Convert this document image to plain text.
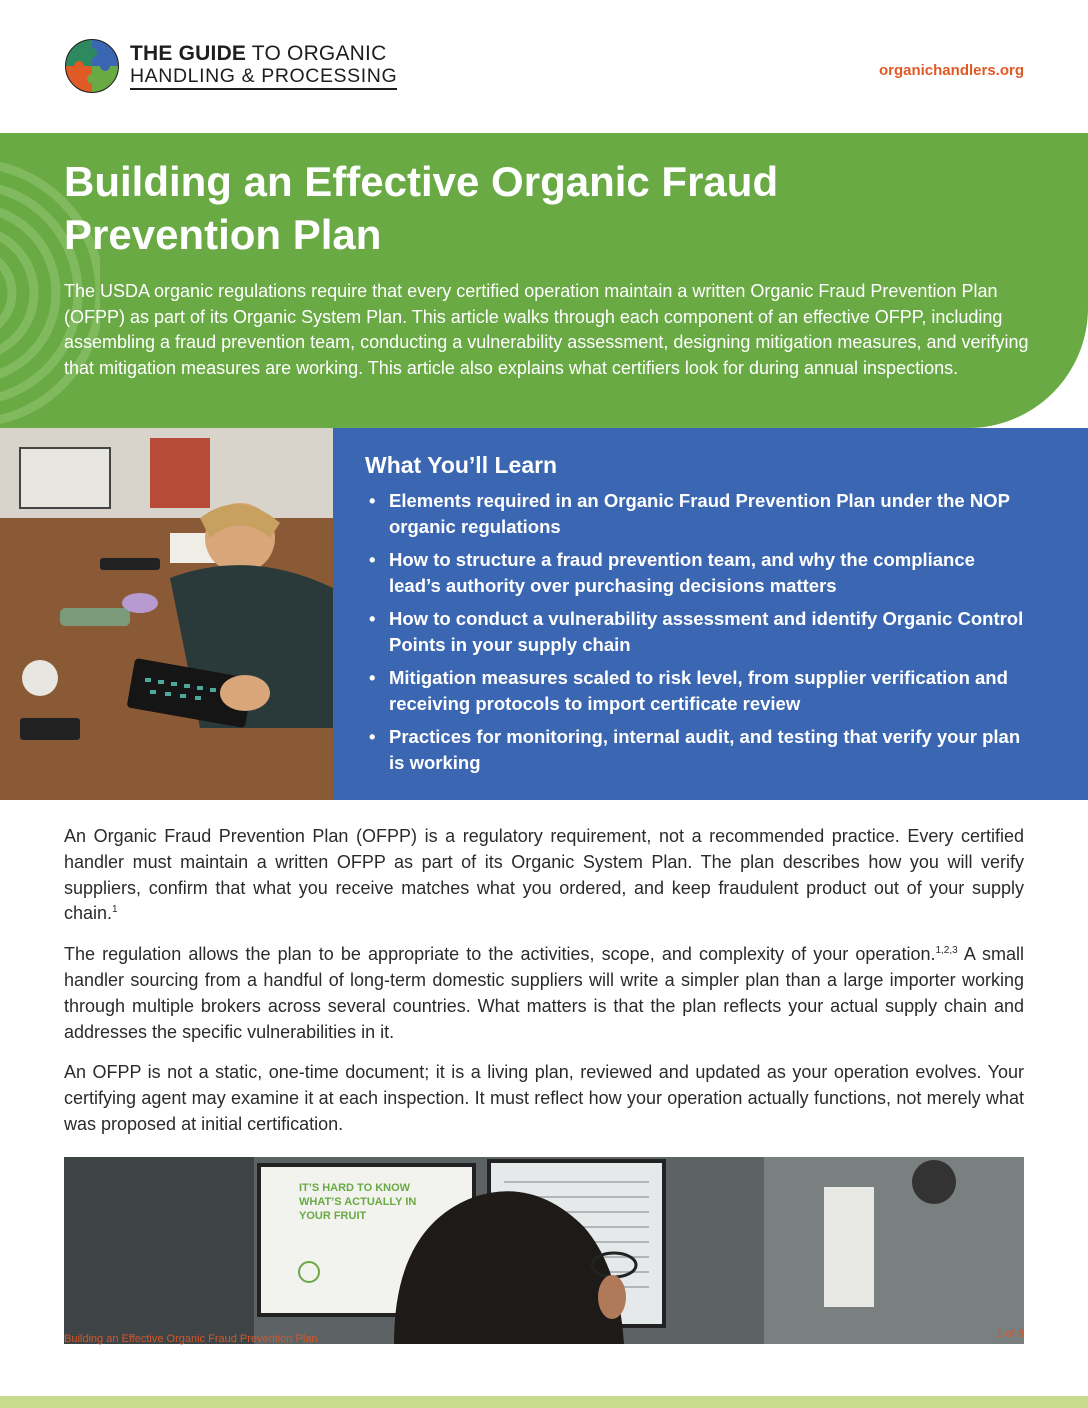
THE GUIDE TO ORGANIC
HANDLING & PROCESSING	organichandlers.org
Building an Effective Organic Fraud Prevention Plan

The USDA organic regulations require that every certified operation maintain a written Organic Fraud Prevention Plan (OFPP) as part of its Organic System Plan. This article walks through each component of an effective OFPP, including assembling a fraud prevention team, conducting a vulnerability assessment, designing mitigation measures, and verifying that mitigation measures are working. This article also explains what certifiers look for during annual inspections.

What You’ll Learn
• Elements required in an Organic Fraud Prevention Plan under the NOP organic regulations
• How to structure a fraud prevention team, and why the compliance lead’s authority over purchasing decisions matters
• How to conduct a vulnerability assessment and identify Organic Control Points in your supply chain
• Mitigation measures scaled to risk level, from supplier verification and receiving protocols to import certificate review
• Practices for monitoring, internal audit, and testing that verify your plan is working

An Organic Fraud Prevention Plan (OFPP) is a regulatory requirement, not a recommended practice. Every certified handler must maintain a written OFPP as part of its Organic System Plan. The plan describes how you will verify suppliers, confirm that what you receive matches what you ordered, and keep fraudulent product out of your supply chain.$^1$

The regulation allows the plan to be appropriate to the activities, scope, and complexity of your operation.$^{1,2,3}$ A small handler sourcing from a handful of long-term domestic suppliers will write a simpler plan than a large importer working through multiple brokers across several countries. What matters is that the plan reflects your actual supply chain and addresses the specific vulnerabilities in it.

An OFPP is not a static, one-time document; it is a living plan, reviewed and updated as your operation evolves. Your certifying agent may examine it at each inspection. It must reflect how your operation actually functions, not merely what was proposed at initial certification.

IT’S HARD TO KNOW
WHAT’S ACTUALLY IN
YOUR FRUIT
Building an Effective Organic Fraud Prevention Plan	1 of 8
